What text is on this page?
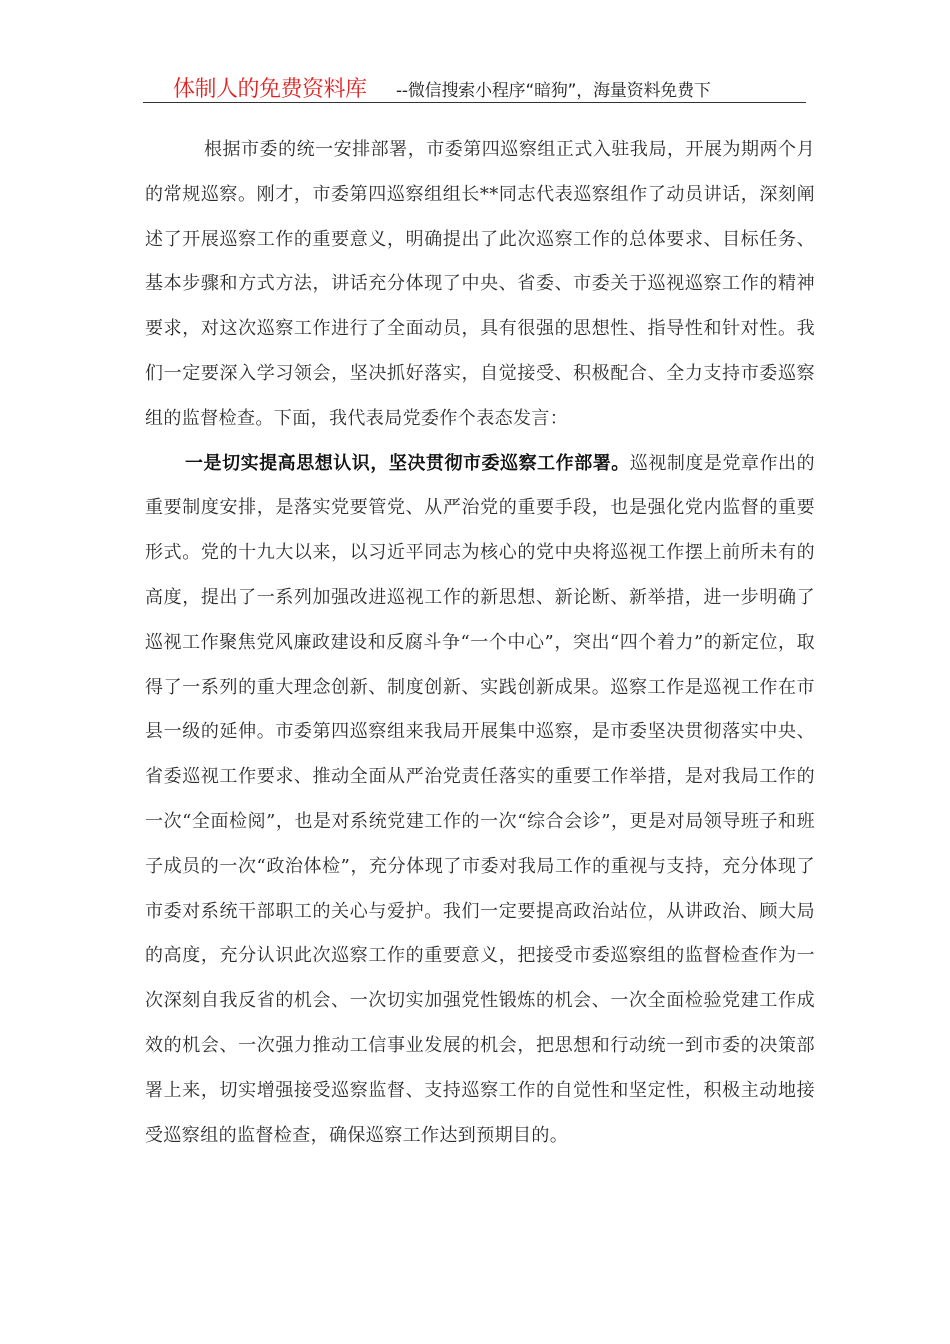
体制人的免费资料库 --微信搜索小程序“暗狗”，海量资料免费下

根据市委的统一安排部署，市委第四巡察组正式入驻我局，开展为期两个月的常规巡察。刚才，市委第四巡察组组长**同志代表巡察组作了动员讲话，深刻阐述了开展巡察工作的重要意义，明确提出了此次巡察工作的总体要求、目标任务、基本步骤和方式方法，讲话充分体现了中央、省委、市委关于巡视巡察工作的精神要求，对这次巡察工作进行了全面动员，具有很强的思想性、指导性和针对性。我们一定要深入学习领会，坚决抓好落实，自觉接受、积极配合、全力支持市委巡察组的监督检查。下面，我代表局党委作个表态发言：

一是切实提高思想认识，坚决贯彻市委巡察工作部署。巡视制度是党章作出的重要制度安排，是落实党要管党、从严治党的重要手段，也是强化党内监督的重要形式。党的十九大以来，以习近平同志为核心的党中央将巡视工作摆上前所未有的高度，提出了一系列加强改进巡视工作的新思想、新论断、新举措，进一步明确了巡视工作聚焦党风廉政建设和反腐斗争“一个中心”，突出“四个着力”的新定位，取得了一系列的重大理念创新、制度创新、实践创新成果。巡察工作是巡视工作在市县一级的延伸。市委第四巡察组来我局开展集中巡察，是市委坚决贯彻落实中央、省委巡视工作要求、推动全面从严治党责任落实的重要工作举措，是对我局工作的一次“全面检阅”，也是对系统党建工作的一次“综合会诊”，更是对局领导班子和班子成员的一次“政治体检”，充分体现了市委对我局工作的重视与支持，充分体现了市委对系统干部职工的关心与爱护。我们一定要提高政治站位，从讲政治、顾大局的高度，充分认识此次巡察工作的重要意义，把接受市委巡察组的监督检查作为一次深刻自我反省的机会、一次切实加强党性锻炼的机会、一次全面检验党建工作成效的机会、一次强力推动工信事业发展的机会，把思想和行动统一到市委的决策部署上来，切实增强接受巡察监督、支持巡察工作的自觉性和坚定性，积极主动地接受巡察组的监督检查，确保巡察工作达到预期目的。
